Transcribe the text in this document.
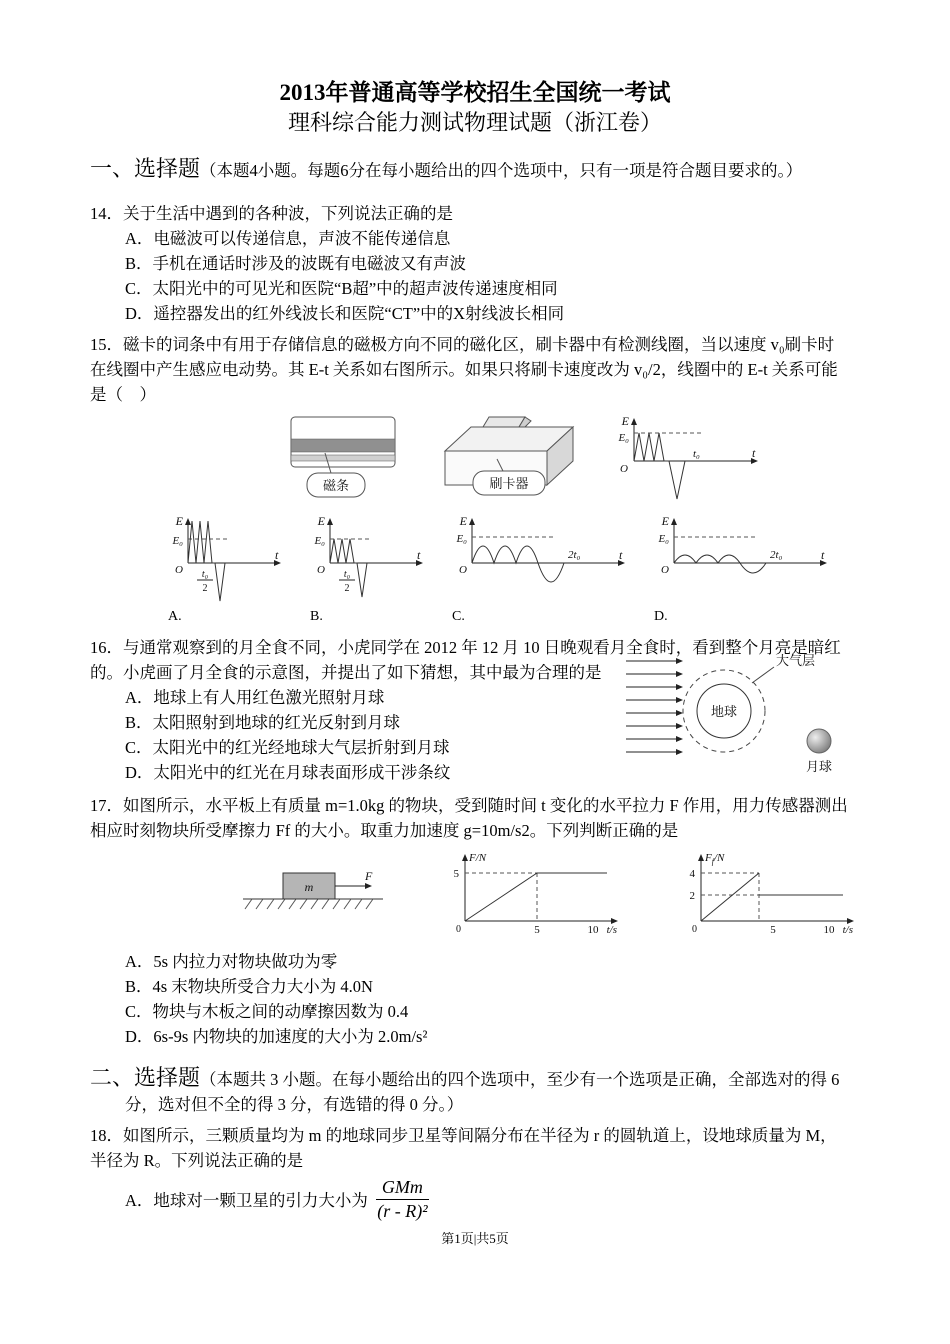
2013年普通高等学校招生全国统一考试
理科综合能力测试物理试题（浙江卷）
一、选择题（本题4小题。每题6分在每小题给出的四个选项中，只有一项是符合题目要求的。）
14．关于生活中遇到的各种波，下列说法正确的是
A．电磁波可以传递信息，声波不能传递信息
B．手机在通话时涉及的波既有电磁波又有声波
C．太阳光中的可见光和医院“B超”中的超声波传递速度相同
D．遥控器发出的红外线波长和医院“CT”中的X射线波长相同
15．磁卡的词条中有用于存储信息的磁极方向不同的磁化区，刷卡器中有检测线圈，当以速度 v₀刷卡时
在线圈中产生感应电动势。其 E-t 关系如右图所示。如果只将刷卡速度改为 v₀/2，线圈中的 E-t 关系可能
是（　）
磁条	刷卡器
E
E₀
O
t₀	t
E
E₀
O t₀
2
t
A.
E
E₀
O t₀
2
t
B.
E
E₀
O
2t₀	t
C.
E
E₀
O
2t₀	t
D.
16．与通常观察到的月全食不同，小虎同学在 2012 年 12 月 10 日晚观看月全食时，看到整个月亮是暗红
的。小虎画了月全食的示意图，并提出了如下猜想，其中最为合理的是
A．地球上有人用红色激光照射月球
B．太阳照射到地球的红光反射到月球
C．太阳光中的红光经地球大气层折射到月球
D．太阳光中的红光在月球表面形成干涉条纹
地球
大气层
月球
17．如图所示，水平板上有质量 m=1.0kg 的物块，受到随时间 t 变化的水平拉力 F 作用，用力传感器测出
相应时刻物块所受摩擦力 Ff 的大小。取重力加速度 g=10m/s2。下列判断正确的是
m
F
F/N
5
0	5	10 t/s
$F_f/N$
4
2
0	5	10 t/s
A．5s 内拉力对物块做功为零
B．4s 末物块所受合力大小为 4.0N
C．物块与木板之间的动摩擦因数为 0.4
D．6s-9s 内物块的加速度的大小为 2.0m/s²
二、选择题（本题共 3 小题。在每小题给出的四个选项中，至少有一个选项是正确，全部选对的得 6
分，选对但不全的得 3 分，有选错的得 0 分。）
18．如图所示，三颗质量均为 m 的地球同步卫星等间隔分布在半径为 r 的圆轨道上，设地球质量为 M，
半径为 R。下列说法正确的是
A．地球对一颗卫星的引力大小为 $\frac{\text{GMm}}{\text{(r - R)²}}$
第1页|共5页
